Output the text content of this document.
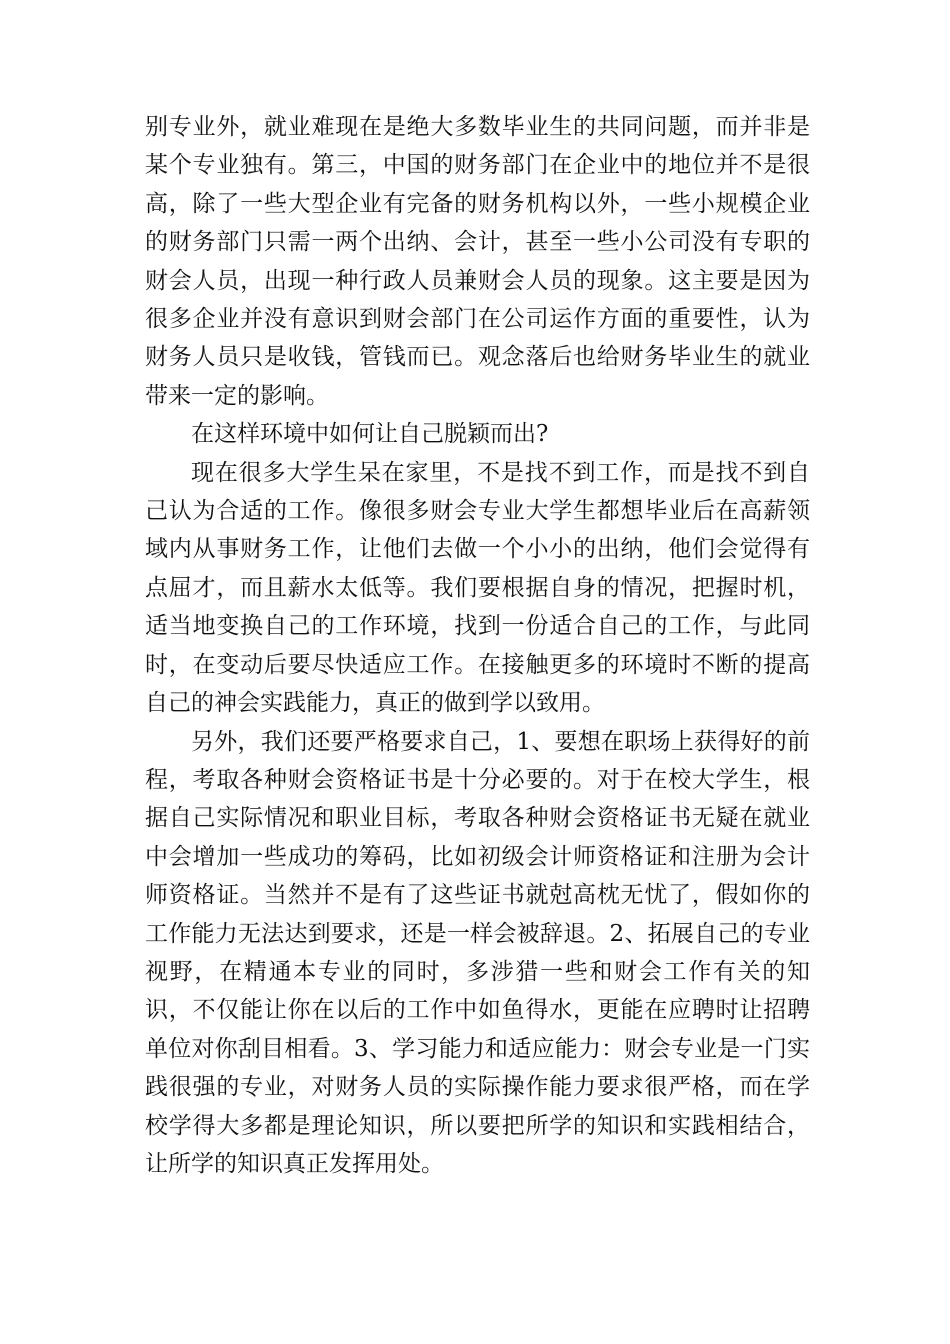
别专业外，就业难现在是绝大多数毕业生的共同问题，而并非是某个专业独有。第三，中国的财务部门在企业中的地位并不是很高，除了一些大型企业有完备的财务机构以外，一些小规模企业的财务部门只需一两个出纳、会计，甚至一些小公司没有专职的财会人员，出现一种行政人员兼财会人员的现象。这主要是因为很多企业并没有意识到财会部门在公司运作方面的重要性，认为财务人员只是收钱，管钱而已。观念落后也给财务毕业生的就业带来一定的影响。

在这样环境中如何让自己脱颖而出?

现在很多大学生呆在家里，不是找不到工作，而是找不到自己认为合适的工作。像很多财会专业大学生都想毕业后在高薪领域内从事财务工作，让他们去做一个小小的出纳，他们会觉得有点屈才，而且薪水太低等。我们要根据自身的情况，把握时机，适当地变换自己的工作环境，找到一份适合自己的工作，与此同时，在变动后要尽快适应工作。在接触更多的环境时不断的提高自己的神会实践能力，真正的做到学以致用。

另外，我们还要严格要求自己，1、要想在职场上获得好的前程，考取各种财会资格证书是十分必要的。对于在校大学生，根据自己实际情况和职业目标，考取各种财会资格证书无疑在就业中会增加一些成功的筹码，比如初级会计师资格证和注册为会计师资格证。当然并不是有了这些证书就尅高枕无忧了，假如你的工作能力无法达到要求，还是一样会被辞退。2、拓展自己的专业视野，在精通本专业的同时，多涉猎一些和财会工作有关的知识，不仅能让你在以后的工作中如鱼得水，更能在应聘时让招聘单位对你刮目相看。3、学习能力和适应能力：财会专业是一门实践很强的专业，对财务人员的实际操作能力要求很严格，而在学校学得大多都是理论知识，所以要把所学的知识和实践相结合，让所学的知识真正发挥用处。
